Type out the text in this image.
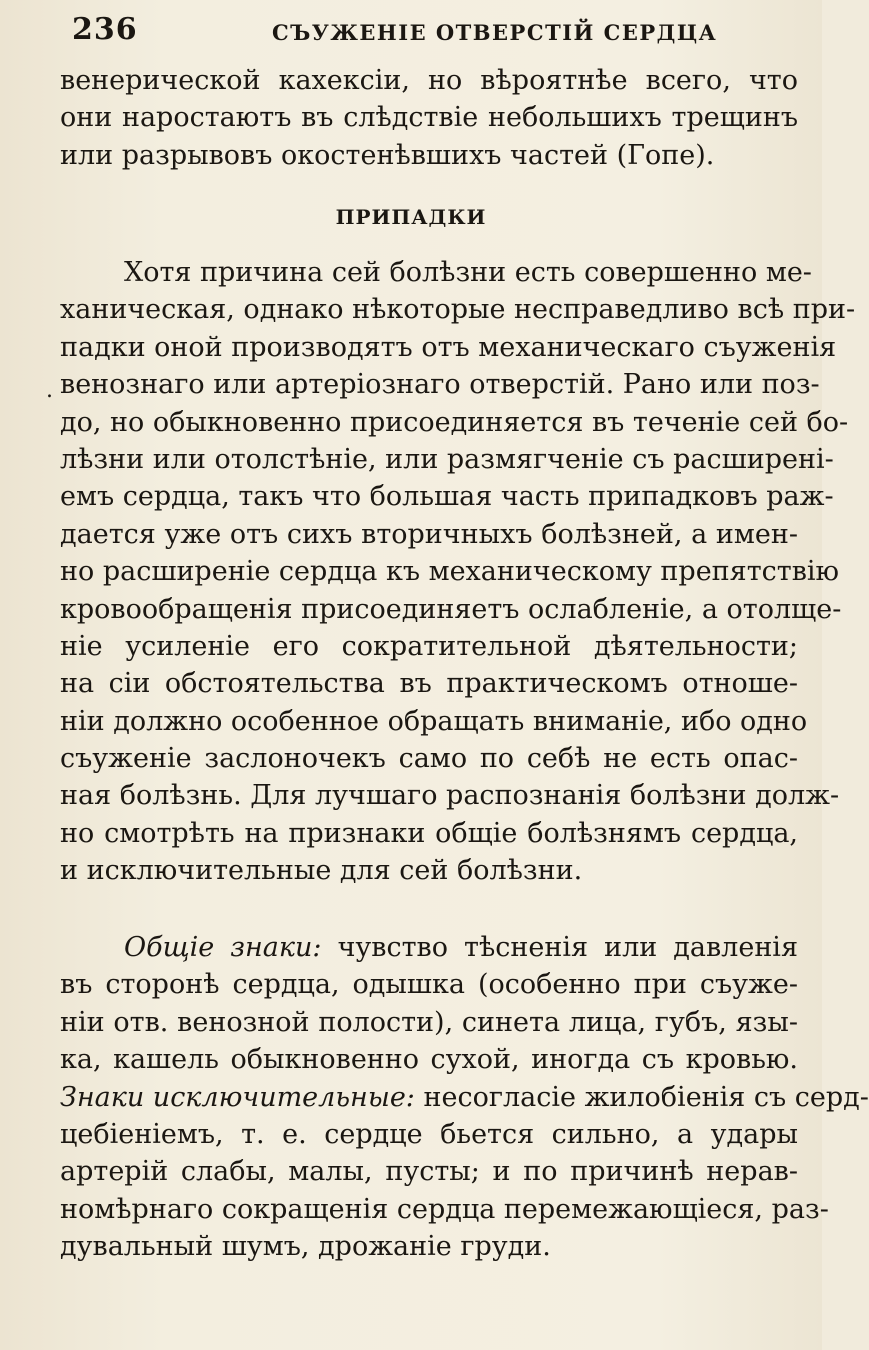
236	СЪУЖЕНІЕ ОТВЕРСТІЙ СЕРДЦА
венерической кахексіи, но вѣроятнѣе всего, что
они наростаютъ въ слѣдствіе небольшихъ трещинъ
или разрывовъ окостенѣвшихъ частей (Гопе).
ПРИПАДКИ
.
Хотя причина сей болѣзни есть совершенно ме-
ханическая, однако нѣкоторые несправедливо всѣ при-
падки оной производятъ отъ механическаго съуженія
венознаго или артеріознаго отверстій. Рано или поз-
до, но обыкновенно присоединяется въ теченіе сей бо-
лѣзни или отолстѣніе, или размягченіе съ расширені-
емъ сердца, такъ что большая часть припадковъ раж-
дается уже отъ сихъ вторичныхъ болѣзней, а имен-
но расширеніе сердца къ механическому препятствію
кровообращенія присоединяетъ ослабленіе, а отолще-
ніе усиленіе его сократительной дѣятельности;
на сіи обстоятельства въ практическомъ отноше-
ніи должно особенное обращать вниманіе, ибо одно
съуженіе заслоночекъ само по себѣ не есть опас-
ная болѣзнь. Для лучшаго распознанія болѣзни долж-
но смотрѣть на признаки общіе болѣзнямъ сердца,
и исключительные для сей болѣзни.
Общіе знаки: чувство тѣсненія или давленія
въ сторонѣ сердца, одышка (особенно при съуже-
ніи отв. венозной полости), синета лица, губъ, язы-
ка, кашель обыкновенно сухой, иногда съ кровью.
Знаки исключительные: несогласіе жилобіенія съ серд-
цебіеніемъ, т. е. сердце бьется сильно, а удары
артерій слабы, малы, пусты; и по причинѣ нерав-
номѣрнаго сокращенія сердца перемежающіеся, раз-
дувальный шумъ, дрожаніе груди.
